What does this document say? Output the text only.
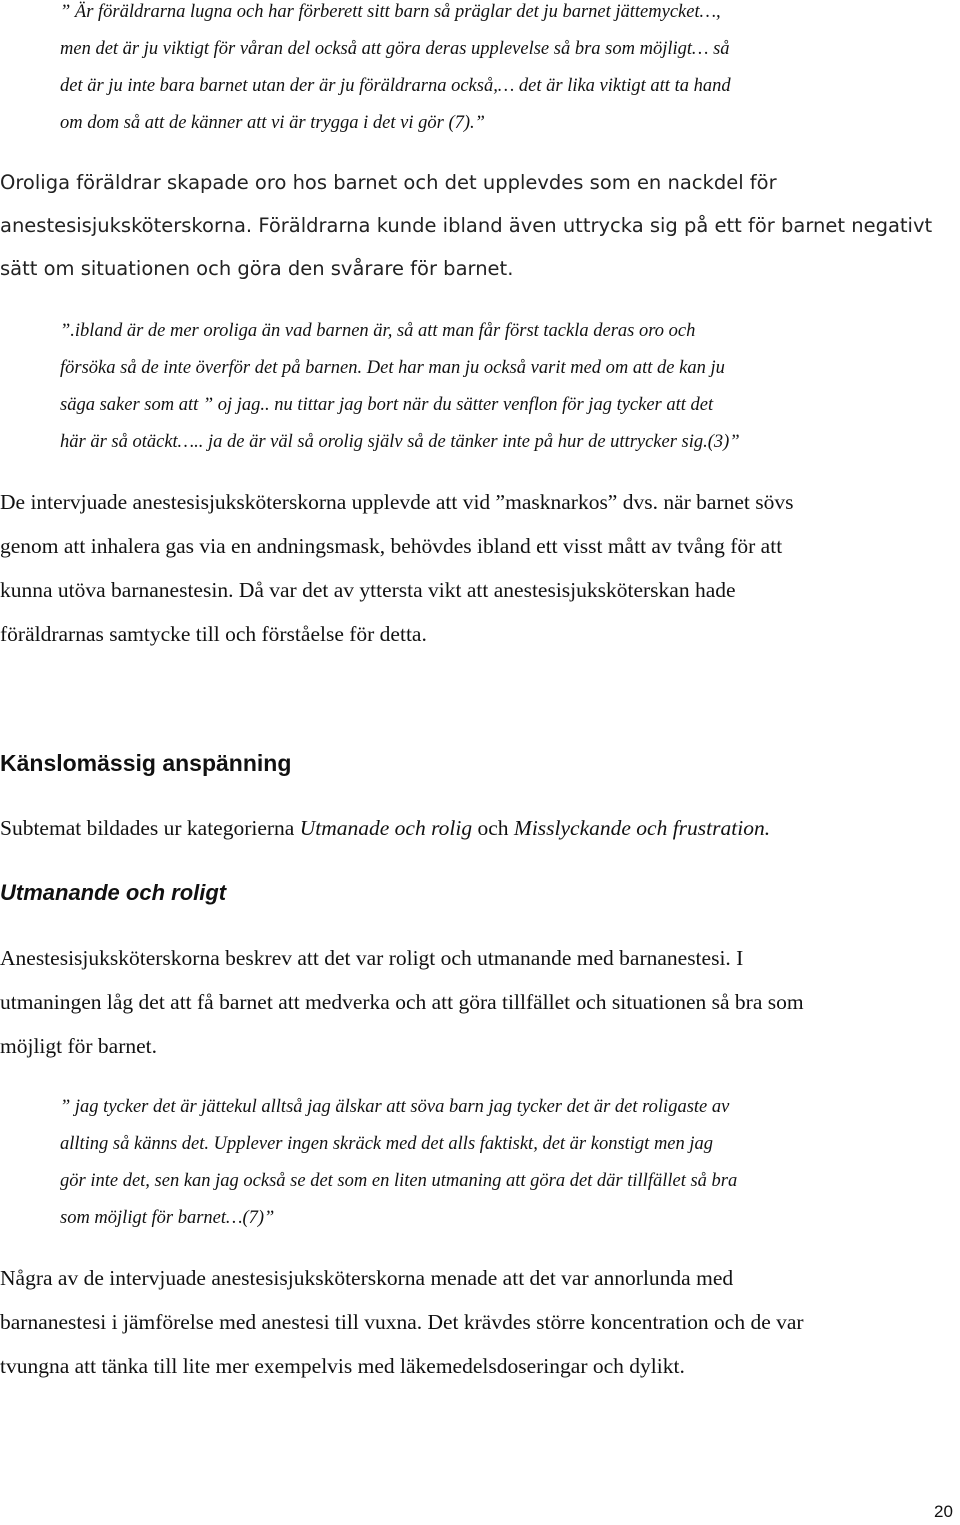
” Är föräldrarna lugna och har förberett sitt barn så präglar det ju barnet jättemycket…,
men det är ju viktigt för våran del också att göra deras upplevelse så bra som möjligt… så
det är ju inte bara barnet utan der är ju föräldrarna också,… det är lika viktigt att ta hand
om dom så att de känner att vi är trygga i det vi gör (7).”

Oroliga föräldrar skapade oro hos barnet och det upplevdes som en nackdel för
anestesisjuksköterskorna. Föräldrarna kunde ibland även uttrycka sig på ett för barnet negativt
sätt om situationen och göra den svårare för barnet.

”.ibland är de mer oroliga än vad barnen är, så att man får först tackla deras oro och
försöka så de inte överför det på barnen. Det har man ju också varit med om att de kan ju
säga saker som att ” oj jag.. nu tittar jag bort när du sätter venflon för jag tycker att det
här är så otäckt….. ja de är väl så orolig själv så de tänker inte på hur de uttrycker sig.(3)”

De intervjuade anestesisjuksköterskorna upplevde att vid ”masknarkos” dvs. när barnet sövs
genom att inhalera gas via en andningsmask, behövdes ibland ett visst mått av tvång för att
kunna utöva barnanestesin. Då var det av yttersta vikt att anestesisjuksköterskan hade
föräldrarnas samtycke till och förståelse för detta.

Känslomässig anspänning

Subtemat bildades ur kategorierna Utmanade och rolig och Misslyckande och frustration.

Utmanande och roligt

Anestesisjuksköterskorna beskrev att det var roligt och utmanande med barnanestesi. I
utmaningen låg det att få barnet att medverka och att göra tillfället och situationen så bra som
möjligt för barnet.

” jag tycker det är jättekul alltså jag älskar att söva barn jag tycker det är det roligaste av
allting så känns det. Upplever ingen skräck med det alls faktiskt, det är konstigt men jag
gör inte det, sen kan jag också se det som en liten utmaning att göra det där tillfället så bra
som möjligt för barnet…(7)”

Några av de intervjuade anestesisjuksköterskorna menade att det var annorlunda med
barnanestesi i jämförelse med anestesi till vuxna. Det krävdes större koncentration och de var
tvungna att tänka till lite mer exempelvis med läkemedelsdoseringar och dylikt.

20
